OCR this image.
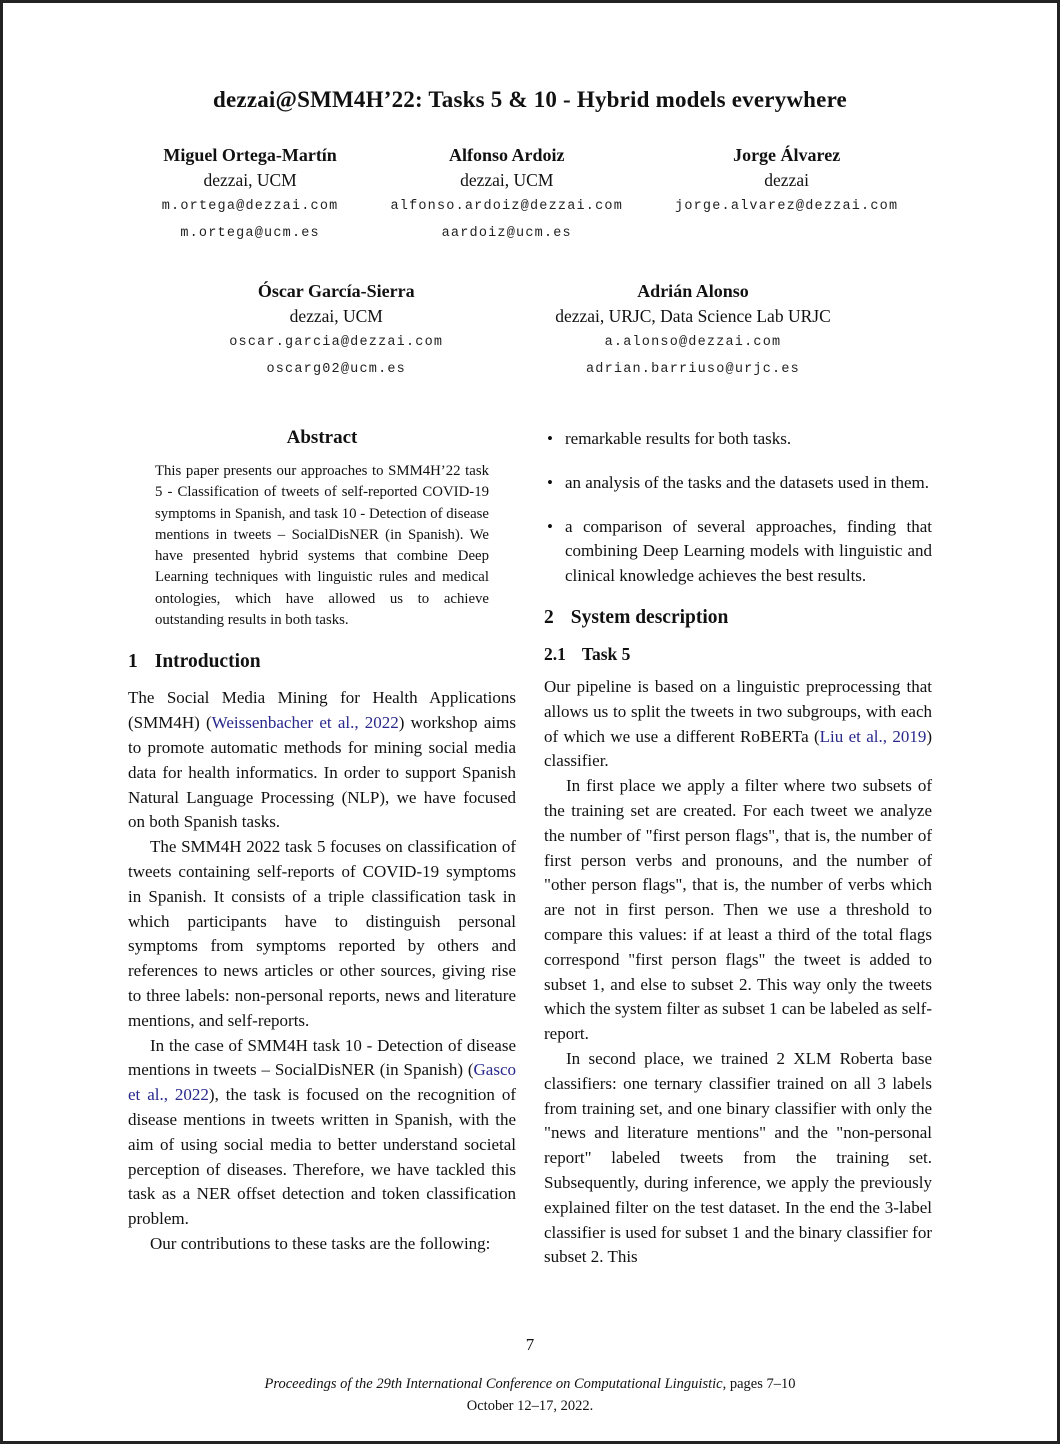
dezzai@SMM4H’22: Tasks 5 & 10 - Hybrid models everywhere
Miguel Ortega-Martín
dezzai, UCM
m.ortega@dezzai.com
m.ortega@ucm.es
Alfonso Ardoiz
dezzai, UCM
alfonso.ardoiz@dezzai.com
aardoiz@ucm.es
Jorge Álvarez
dezzai
jorge.alvarez@dezzai.com
Óscar García-Sierra
dezzai, UCM
oscar.garcia@dezzai.com
oscarg02@ucm.es
Adrián Alonso
dezzai, URJC, Data Science Lab URJC
a.alonso@dezzai.com
adrian.barriuso@urjc.es
Abstract

This paper presents our approaches to SMM4H’22 task 5 - Classification of tweets of self-reported COVID-19 symptoms in Spanish, and task 10 - Detection of disease mentions in tweets – SocialDisNER (in Spanish). We have presented hybrid systems that combine Deep Learning techniques with linguistic rules and medical ontologies, which have allowed us to achieve outstanding results in both tasks.

1 Introduction

The Social Media Mining for Health Applications (SMM4H) (Weissenbacher et al., 2022) workshop aims to promote automatic methods for mining social media data for health informatics. In order to support Spanish Natural Language Processing (NLP), we have focused on both Spanish tasks.

The SMM4H 2022 task 5 focuses on classification of tweets containing self-reports of COVID-19 symptoms in Spanish. It consists of a triple classification task in which participants have to distinguish personal symptoms from symptoms reported by others and references to news articles or other sources, giving rise to three labels: non-personal reports, news and literature mentions, and self-reports.

In the case of SMM4H task 10 - Detection of disease mentions in tweets – SocialDisNER (in Spanish) (Gasco et al., 2022), the task is focused on the recognition of disease mentions in tweets written in Spanish, with the aim of using social media to better understand societal perception of diseases. Therefore, we have tackled this task as a NER offset detection and token classification problem.

Our contributions to these tasks are the following:

• remarkable results for both tasks.
• an analysis of the tasks and the datasets used in them.
• a comparison of several approaches, finding that combining Deep Learning models with linguistic and clinical knowledge achieves the best results.
2 System description
2.1 Task 5

Our pipeline is based on a linguistic preprocessing that allows us to split the tweets in two subgroups, with each of which we use a different RoBERTa (Liu et al., 2019) classifier.

In first place we apply a filter where two subsets of the training set are created. For each tweet we analyze the number of "first person flags", that is, the number of first person verbs and pronouns, and the number of "other person flags", that is, the number of verbs which are not in first person. Then we use a threshold to compare this values: if at least a third of the total flags correspond "first person flags" the tweet is added to subset 1, and else to subset 2. This way only the tweets which the system filter as subset 1 can be labeled as self-report.

In second place, we trained 2 XLM Roberta base classifiers: one ternary classifier trained on all 3 labels from training set, and one binary classifier with only the "news and literature mentions" and the "non-personal report" labeled tweets from the training set. Subsequently, during inference, we apply the previously explained filter on the test dataset. In the end the 3-label classifier is used for subset 1 and the binary classifier for subset 2. This

7
Proceedings of the 29th International Conference on Computational Linguistic, pages 7–10
October 12–17, 2022.
